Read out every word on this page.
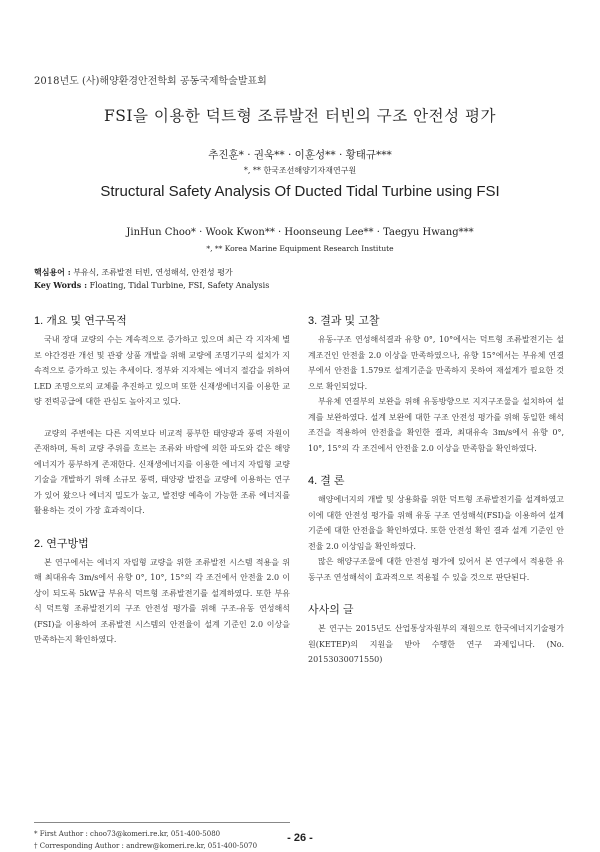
2018년도 (사)해양환경안전학회 공동국제학술발표회
FSI을 이용한 덕트형 조류발전 터빈의 구조 안전성 평가
추진훈* · 권욱** · 이훈성** · 황태규***
*, ** 한국조선해양기자재연구원
Structural Safety Analysis Of Ducted Tidal Turbine using FSI
JinHun Choo* · Wook Kwon** · Hoonseung Lee** · Taegyu Hwang***
*, ** Korea Marine Equipment Research Institute
핵심용어 : 부유식, 조류발전 터빈, 연성해석, 안전성 평가
Key Words : Floating, Tidal Turbine, FSI, Safety Analysis
1. 개요 및 연구목적

국내 장대 교량의 수는 계속적으로 증가하고 있으며 최근 각 지자체 별로 야간경관 개선 및 관광 상품 개발을 위해 교량에 조명기구의 설치가 지속적으로 증가하고 있는 추세이다. 정부와 지자체는 에너지 절감을 위하여 LED 조명으로의 교체를 추진하고 있으며 또한 신재생에너지를 이용한 교량 전력공급에 대한 관심도 높아지고 있다.

교량의 주변에는 다른 지역보다 비교적 풍부한 태양광과 풍력 자원이 존재하며, 특히 교량 주위를 흐르는 조류와 바람에 의한 파도와 같은 해양에너지가 풍부하게 존재한다. 신재생에너지를 이용한 에너지 자립형 교량 기술을 개발하기 위해 소규모 풍력, 태양광 발전을 교량에 이용하는 연구가 있어 왔으나 에너지 밀도가 높고, 발전량 예측이 가능한 조류 에너지를 활용하는 것이 가장 효과적이다.

2. 연구방법

본 연구에서는 에너지 자립형 교량을 위한 조류발전 시스템 적용을 위해 최대유속 3m/s에서 유향 0°, 10°, 15°의 각 조건에서 안전율 2.0 이상이 되도록 5kW급 부유식 덕트형 조류발전기를 설계하였다. 또한 부유식 덕트형 조류발전기의 구조 안전성 평가를 위해 구조-유동 연성해석(FSI)을 이용하여 조류발전 시스템의 안전율이 설계 기준인 2.0 이상을 만족하는지 확인하였다.

3. 결과 및 고찰

유동-구조 연성해석결과 유향 0°, 10°에서는 덕트형 조류발전기는 설계조건인 안전율 2.0 이상을 만족하였으나, 유향 15°에서는 부유체 연결부에서 안전율 1.579로 설계기준을 만족하지 못하여 재설계가 필요한 것으로 확인되었다.

부유체 연결부의 보완을 위해 유동방향으로 지지구조물을 설치하여 설계를 보완하였다. 설계 보완에 대한 구조 안전성 평가를 위해 동일한 해석조건을 적용하여 안전율을 확인한 결과, 최대유속 3m/s에서 유향 0°, 10°, 15°의 각 조건에서 안전율 2.0 이상을 만족함을 확인하였다.

4. 결 론

해양에너지의 개발 및 상용화를 위한 덕트형 조류발전기를 설계하였고 이에 대한 안전성 평가를 위해 유동 구조 연성해석(FSI)을 이용하여 설계 기준에 대한 안전율을 확인하였다. 또한 안전성 확인 결과 설계 기준인 안전율 2.0 이상임을 확인하였다.

많은 해양구조물에 대한 안전성 평가에 있어서 본 연구에서 적용한 유동구조 연성해석이 효과적으로 적용될 수 있을 것으로 판단된다.

사사의 글

본 연구는 2015년도 산업통상자원부의 재원으로 한국에너지기술평가원(KETEP)의 지원을 받아 수행한 연구 과제입니다. (No. 20153030071550)

* First Author : choo73@komeri.re.kr, 051-400-5080
† Corresponding Author : andrew@komeri.re.kr, 051-400-5070
- 26 -
